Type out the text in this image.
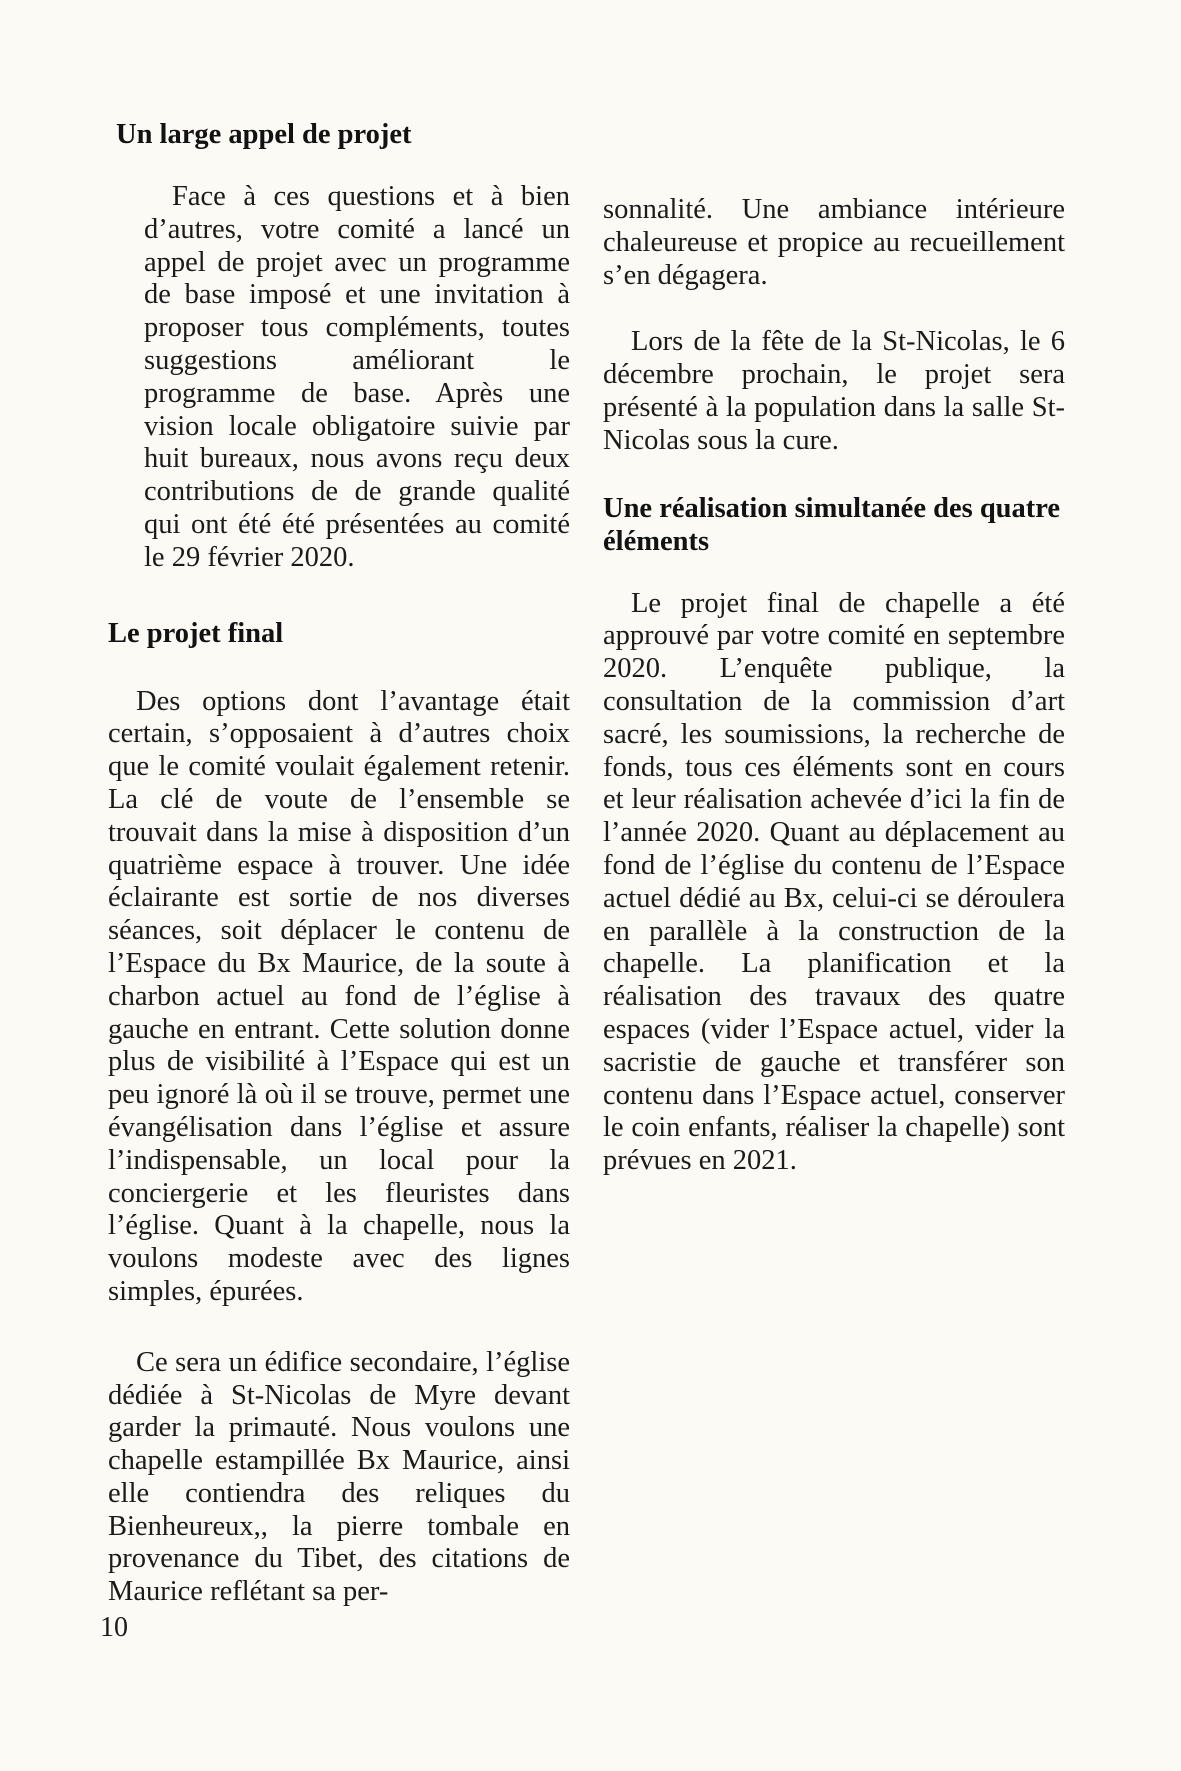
Un large appel de projet

Face à ces questions et à bien d’autres, votre comité a lancé un appel de projet avec un programme de base imposé et une invitation à proposer tous compléments, toutes suggestions améliorant le programme de base. Après une vision locale obligatoire suivie par huit bureaux, nous avons reçu deux contributions de de grande qualité qui ont été été présentées au comité le 29 février 2020.

Le projet final

Des options dont l’avantage était certain, s’opposaient à d’autres choix que le comité voulait également retenir. La clé de voute de l’ensemble se trouvait dans la mise à disposition d’un quatrième espace à trouver. Une idée éclairante est sortie de nos diverses séances, soit déplacer le contenu de l’Espace du Bx Maurice, de la soute à charbon actuel au fond de l’église à gauche en entrant. Cette solution donne plus de visibilité à l’Espace qui est un peu ignoré là où il se trouve, permet une évangélisation dans l’église et assure l’indispensable, un local pour la conciergerie et les fleuristes dans l’église. Quant à la chapelle, nous la voulons modeste avec des lignes simples, épurées.

Ce sera un édifice secondaire, l’église dédiée à St-Nicolas de Myre devant garder la primauté. Nous voulons une chapelle estampillée Bx Maurice, ainsi elle contiendra des reliques du Bienheureux,, la pierre tombale en provenance du Tibet, des citations de Maurice reflétant sa per-

sonnalité. Une ambiance intérieure chaleureuse et propice au recueillement s’en dégagera.

Lors de la fête de la St-Nicolas, le 6 décembre prochain, le projet sera présenté à la population dans la salle St-Nicolas sous la cure.

Une réalisation simultanée des quatre éléments

Le projet final de chapelle a été approuvé par votre comité en septembre 2020. L’enquête publique, la consultation de la commission d’art sacré, les soumissions, la recherche de fonds, tous ces éléments sont en cours et leur réalisation achevée d’ici la fin de l’année 2020. Quant au déplacement au fond de l’église du contenu de l’Espace actuel dédié au Bx, celui-ci se déroulera en parallèle à la construction de la chapelle. La planification et la réalisation des travaux des quatre espaces (vider l’Espace actuel, vider la sacristie de gauche et transférer son contenu dans l’Espace actuel, conserver le coin enfants, réaliser la chapelle) sont prévues en 2021.

10
